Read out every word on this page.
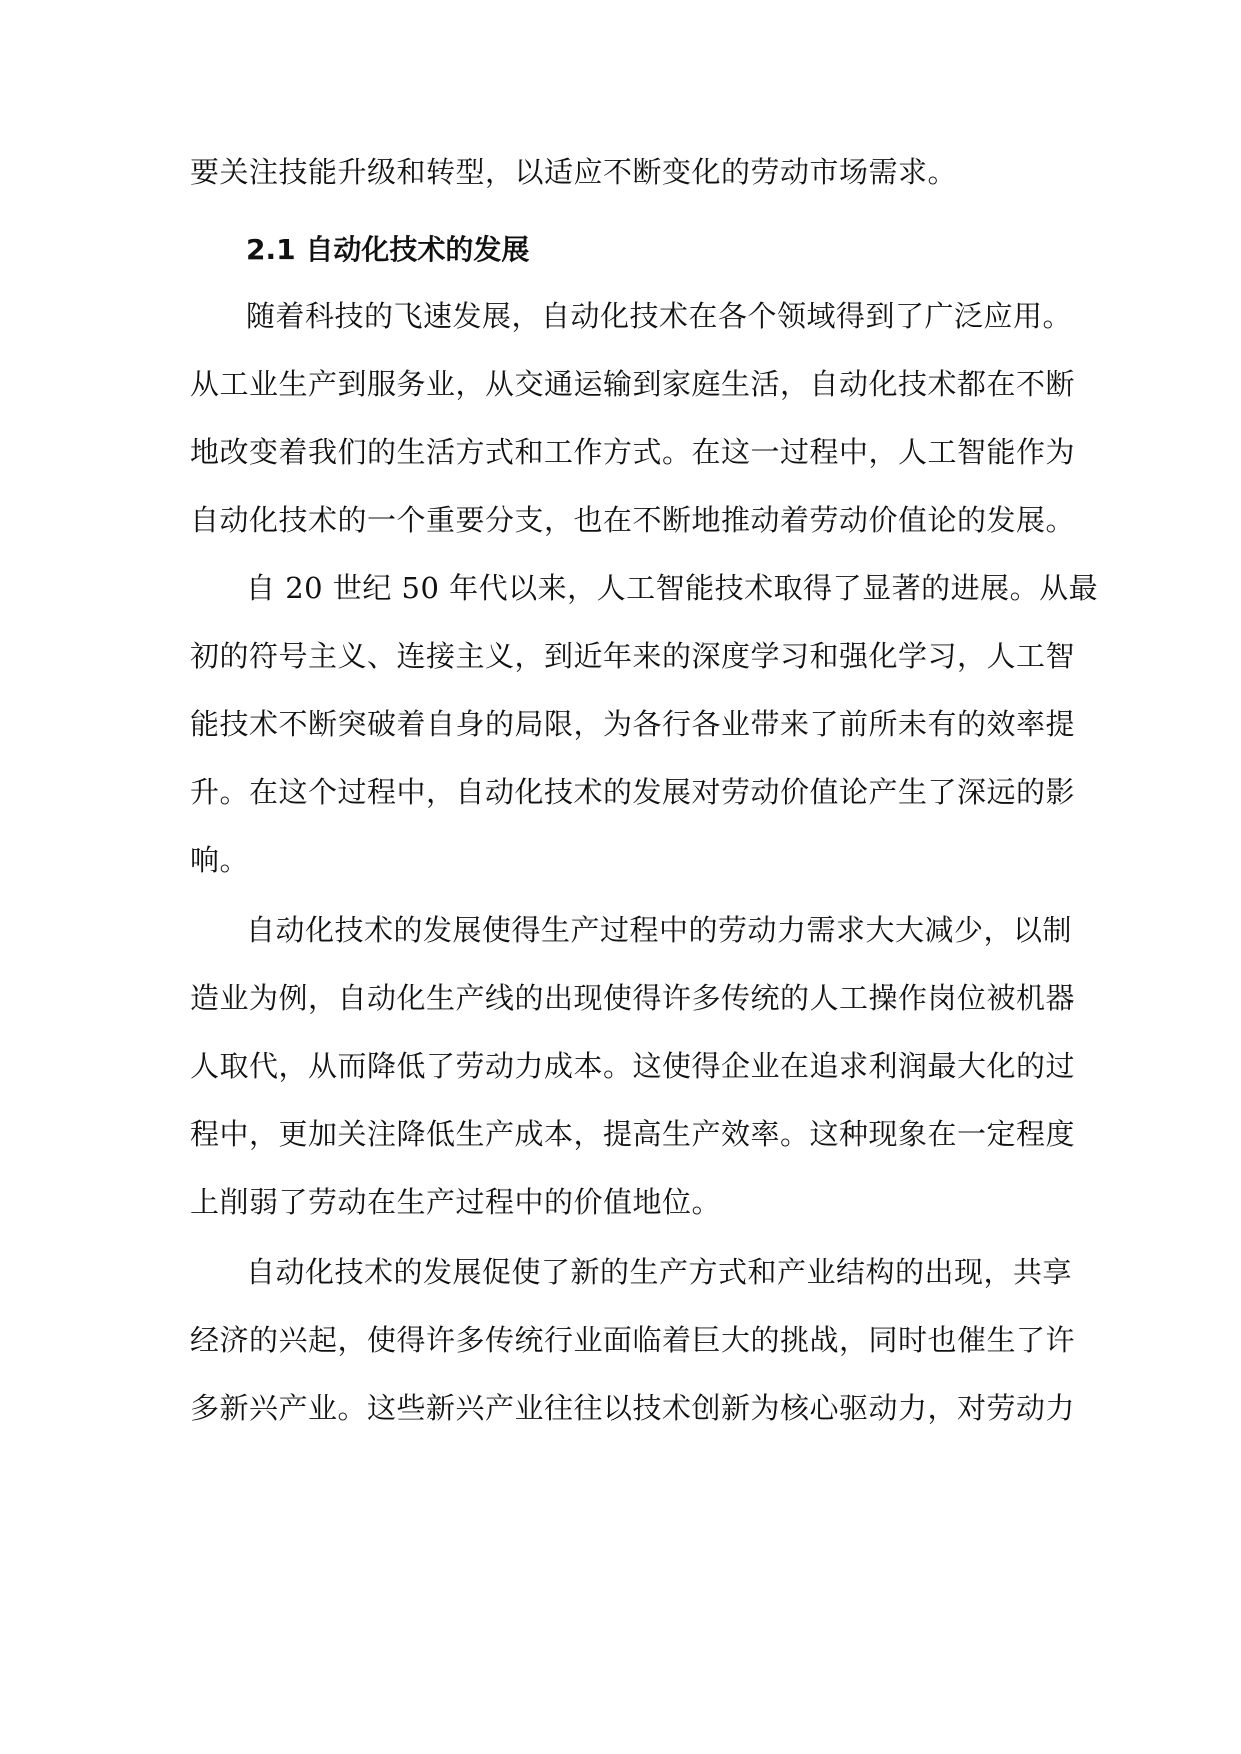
要关注技能升级和转型，以适应不断变化的劳动市场需求。
2.1 自动化技术的发展
随着科技的飞速发展，自动化技术在各个领域得到了广泛应用。
从工业生产到服务业，从交通运输到家庭生活，自动化技术都在不断
地改变着我们的生活方式和工作方式。在这一过程中，人工智能作为
自动化技术的一个重要分支，也在不断地推动着劳动价值论的发展。
自 20 世纪 50 年代以来，人工智能技术取得了显著的进展。从最
初的符号主义、连接主义，到近年来的深度学习和强化学习，人工智
能技术不断突破着自身的局限，为各行各业带来了前所未有的效率提
升。在这个过程中，自动化技术的发展对劳动价值论产生了深远的影
响。
自动化技术的发展使得生产过程中的劳动力需求大大减少，以制
造业为例，自动化生产线的出现使得许多传统的人工操作岗位被机器
人取代，从而降低了劳动力成本。这使得企业在追求利润最大化的过
程中，更加关注降低生产成本，提高生产效率。这种现象在一定程度
上削弱了劳动在生产过程中的价值地位。
自动化技术的发展促使了新的生产方式和产业结构的出现，共享
经济的兴起，使得许多传统行业面临着巨大的挑战，同时也催生了许
多新兴产业。这些新兴产业往往以技术创新为核心驱动力，对劳动力
